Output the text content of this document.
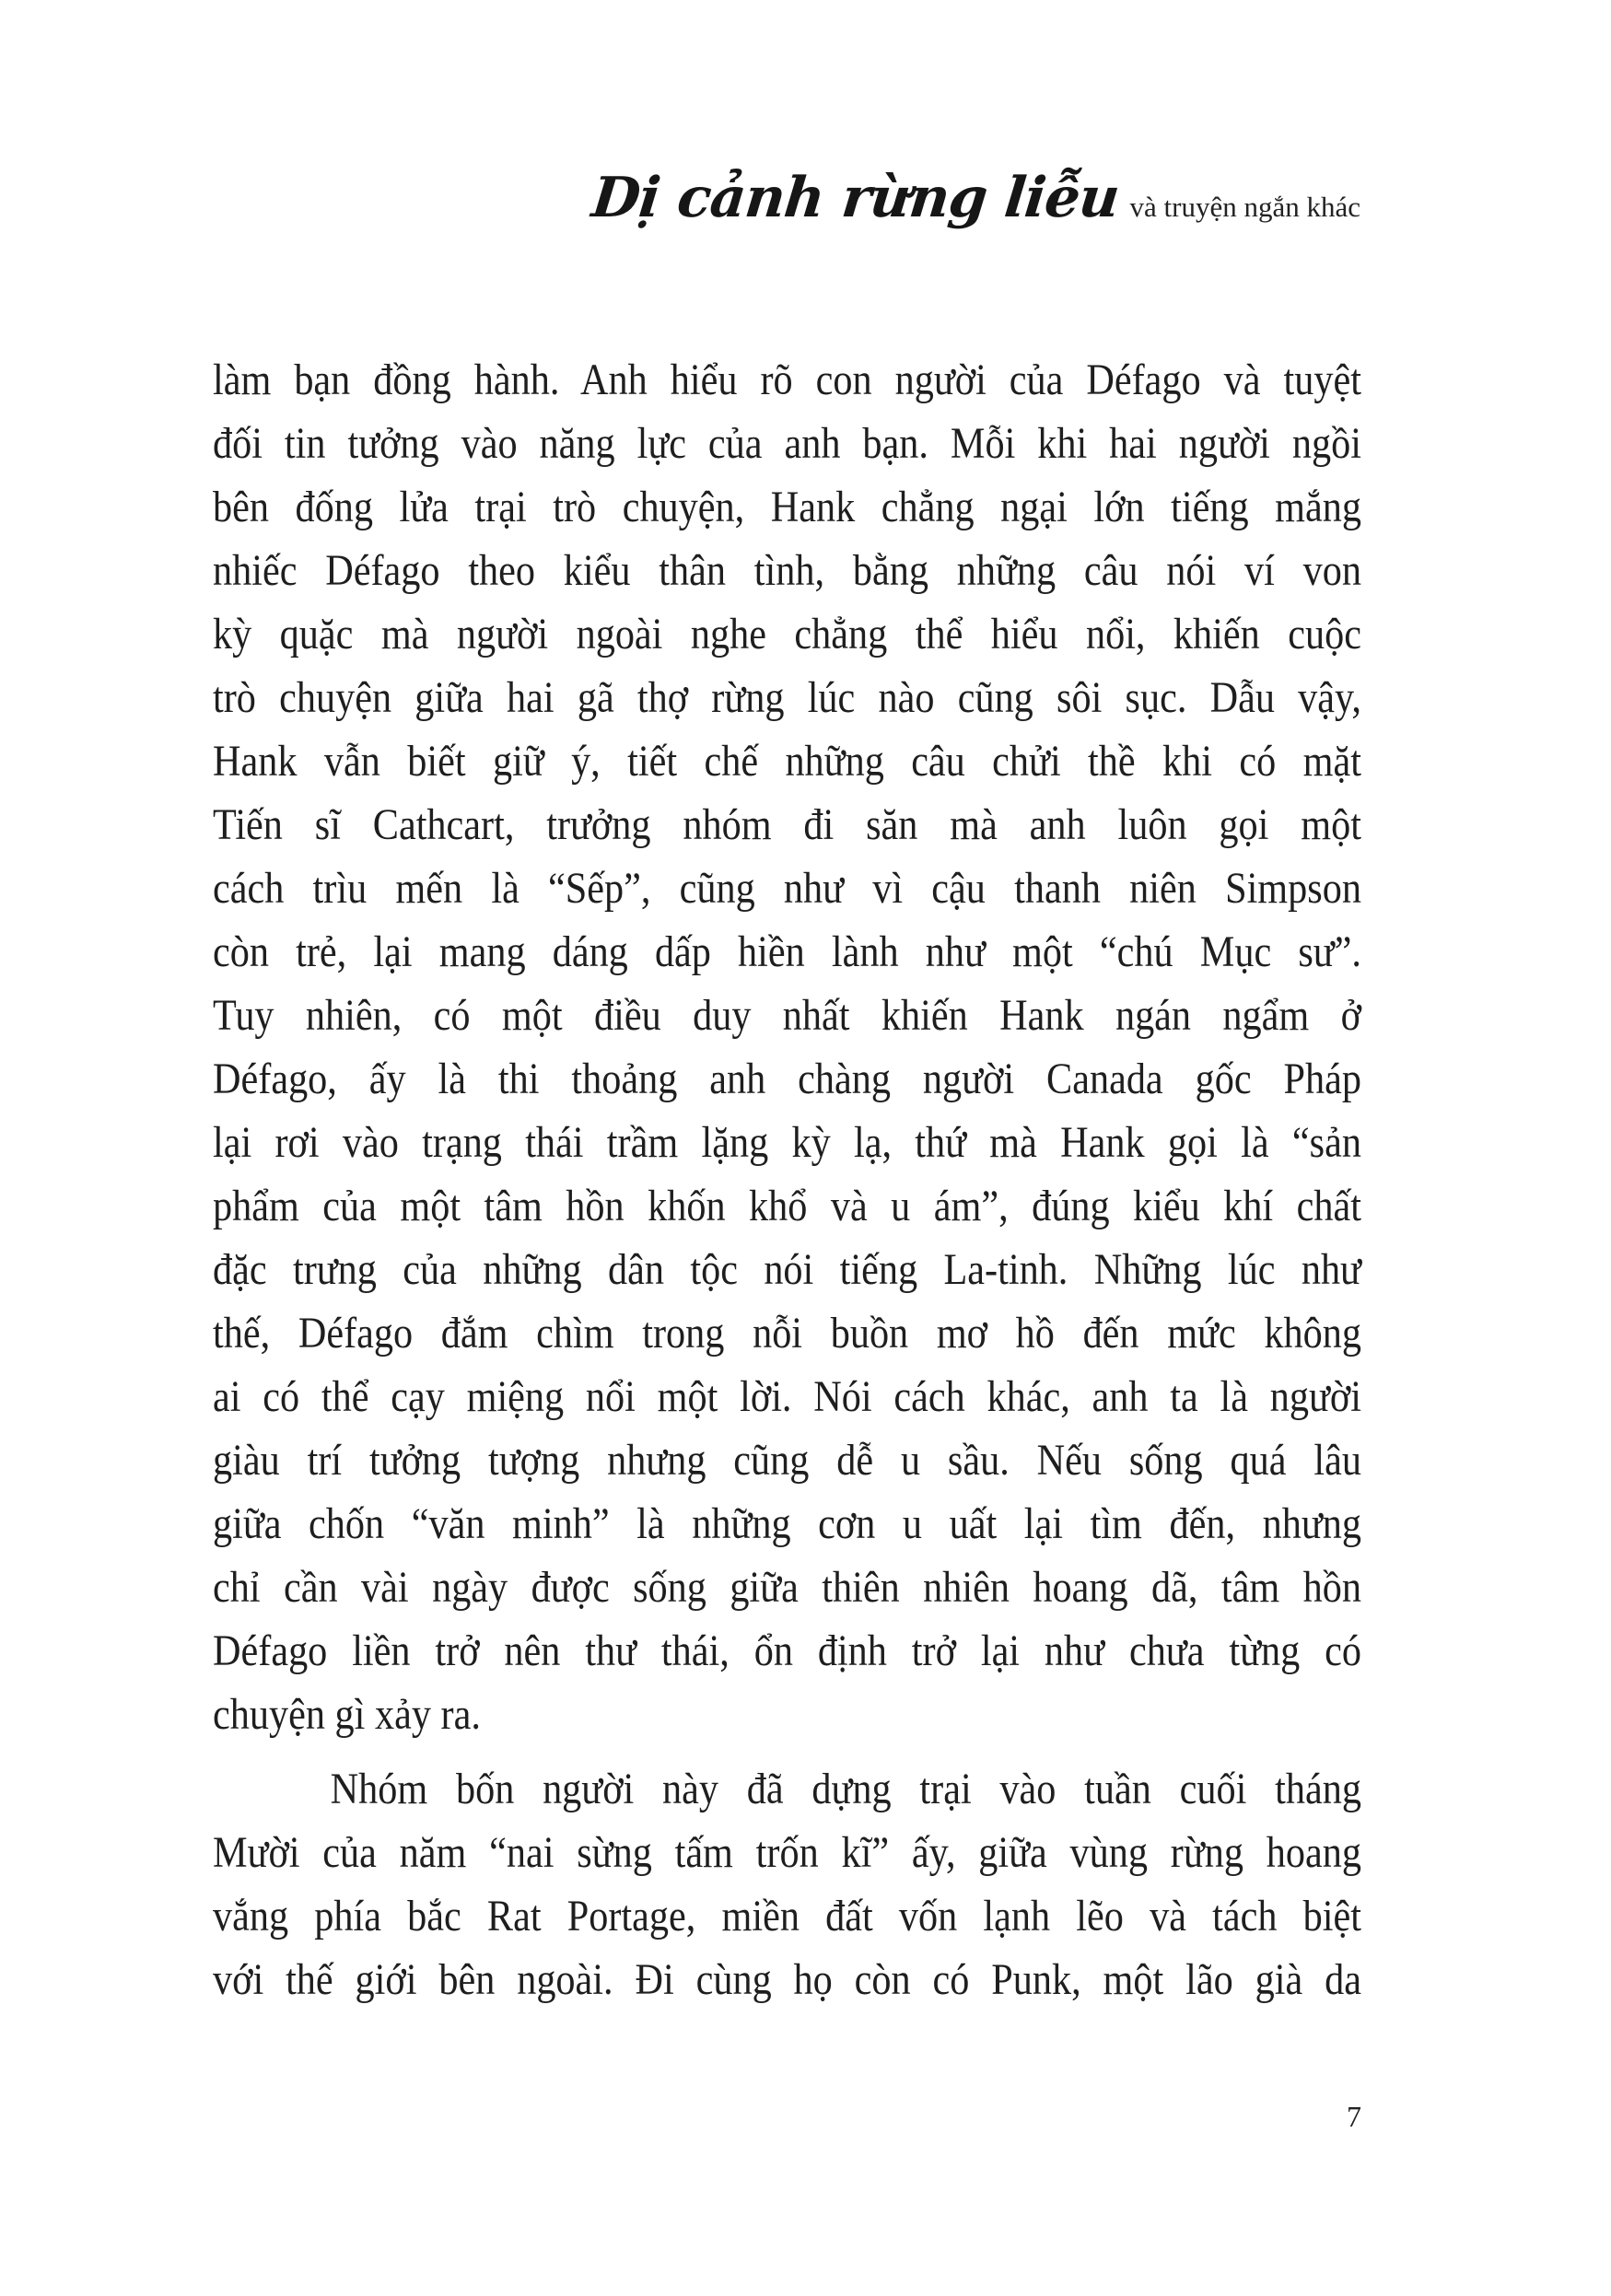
Dị cảnh rừng liễu và truyện ngắn khác
làm bạn đồng hành. Anh hiểu rõ con người của Défago và tuyệt
đối tin tưởng vào năng lực của anh bạn. Mỗi khi hai người ngồi
bên đống lửa trại trò chuyện, Hank chẳng ngại lớn tiếng mắng
nhiếc Défago theo kiểu thân tình, bằng những câu nói ví von
kỳ quặc mà người ngoài nghe chẳng thể hiểu nổi, khiến cuộc
trò chuyện giữa hai gã thợ rừng lúc nào cũng sôi sục. Dẫu vậy,
Hank vẫn biết giữ ý, tiết chế những câu chửi thề khi có mặt
Tiến sĩ Cathcart, trưởng nhóm đi săn mà anh luôn gọi một
cách trìu mến là “Sếp”, cũng như vì cậu thanh niên Simpson
còn trẻ, lại mang dáng dấp hiền lành như một “chú Mục sư”.
Tuy nhiên, có một điều duy nhất khiến Hank ngán ngẩm ở
Défago, ấy là thi thoảng anh chàng người Canada gốc Pháp
lại rơi vào trạng thái trầm lặng kỳ lạ, thứ mà Hank gọi là “sản
phẩm của một tâm hồn khốn khổ và u ám”, đúng kiểu khí chất
đặc trưng của những dân tộc nói tiếng La-tinh. Những lúc như
thế, Défago đắm chìm trong nỗi buồn mơ hồ đến mức không
ai có thể cạy miệng nổi một lời. Nói cách khác, anh ta là người
giàu trí tưởng tượng nhưng cũng dễ u sầu. Nếu sống quá lâu
giữa chốn “văn minh” là những cơn u uất lại tìm đến, nhưng
chỉ cần vài ngày được sống giữa thiên nhiên hoang dã, tâm hồn
Défago liền trở nên thư thái, ổn định trở lại như chưa từng có
chuyện gì xảy ra.
Nhóm bốn người này đã dựng trại vào tuần cuối tháng
Mười của năm “nai sừng tấm trốn kĩ” ấy, giữa vùng rừng hoang
vắng phía bắc Rat Portage, miền đất vốn lạnh lẽo và tách biệt
với thế giới bên ngoài. Đi cùng họ còn có Punk, một lão già da
7
